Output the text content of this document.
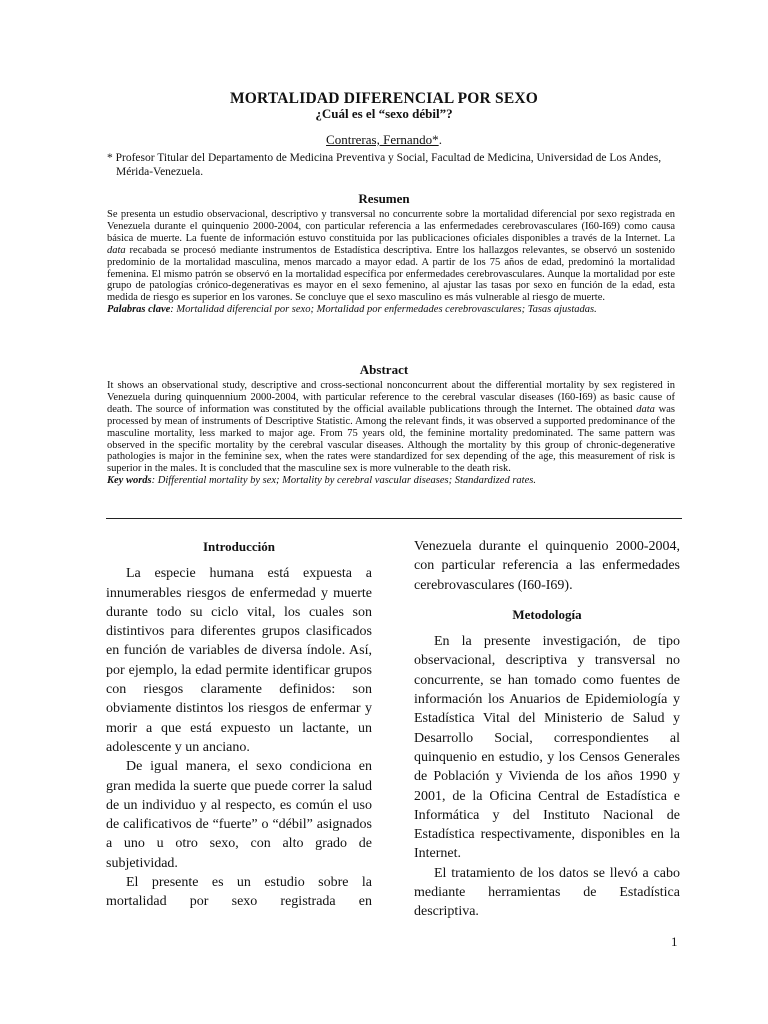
MORTALIDAD DIFERENCIAL POR SEXO
¿Cuál es el “sexo débil”?
Contreras, Fernando*.
* Profesor Titular del Departamento de Medicina Preventiva y Social, Facultad de Medicina, Universidad de Los Andes, Mérida-Venezuela.
Resumen
Se presenta un estudio observacional, descriptivo y transversal no concurrente sobre la mortalidad diferencial por sexo registrada en Venezuela durante el quinquenio 2000-2004, con particular referencia a las enfermedades cerebrovasculares (I60-I69) como causa básica de muerte. La fuente de información estuvo constituida por las publicaciones oficiales disponibles a través de la Internet. La data recabada se procesó mediante instrumentos de Estadística descriptiva. Entre los hallazgos relevantes, se observó un sostenido predominio de la mortalidad masculina, menos marcado a mayor edad. A partir de los 75 años de edad, predominó la mortalidad femenina. El mismo patrón se observó en la mortalidad específica por enfermedades cerebrovasculares. Aunque la mortalidad por este grupo de patologías crónico-degenerativas es mayor en el sexo femenino, al ajustar las tasas por sexo en función de la edad, esta medida de riesgo es superior en los varones. Se concluye que el sexo masculino es más vulnerable al riesgo de muerte.
Palabras clave: Mortalidad diferencial por sexo; Mortalidad por enfermedades cerebrovasculares; Tasas ajustadas.
Abstract
It shows an observational study, descriptive and cross-sectional nonconcurrent about the differential mortality by sex registered in Venezuela during quinquennium 2000-2004, with particular reference to the cerebral vascular diseases (I60-I69) as basic cause of death. The source of information was constituted by the official available publications through the Internet. The obtained data was processed by mean of instruments of Descriptive Statistic. Among the relevant finds, it was observed a supported predominance of the masculine mortality, less marked to major age. From 75 years old, the feminine mortality predominated. The same pattern was observed in the specific mortality by the cerebral vascular diseases. Although the mortality by this group of chronic-degenerative pathologies is major in the feminine sex, when the rates were standardized for sex depending of the age, this measurement of risk is superior in the males. It is concluded that the masculine sex is more vulnerable to the death risk.
Key words: Differential mortality by sex; Mortality by cerebral vascular diseases; Standardized rates.
Introducción

La especie humana está expuesta a innumerables riesgos de enfermedad y muerte durante todo su ciclo vital, los cuales son distintivos para diferentes grupos clasificados en función de variables de diversa índole. Así, por ejemplo, la edad permite identificar grupos con riesgos claramente definidos: son obviamente distintos los riesgos de enfermar y morir a que está expuesto un lactante, un adolescente y un anciano.

De igual manera, el sexo condiciona en gran medida la suerte que puede correr la salud de un individuo y al respecto, es común el uso de calificativos de “fuerte” o “débil” asignados a uno u otro sexo, con alto grado de subjetividad.

El presente es un estudio sobre la mortalidad por sexo registrada en

Venezuela durante el quinquenio 2000-2004, con particular referencia a las enfermedades cerebrovasculares (I60-I69).

Metodología

En la presente investigación, de tipo observacional, descriptiva y transversal no concurrente, se han tomado como fuentes de información los Anuarios de Epidemiología y Estadística Vital del Ministerio de Salud y Desarrollo Social, correspondientes al quinquenio en estudio, y los Censos Generales de Población y Vivienda de los años 1990 y 2001, de la Oficina Central de Estadística e Informática y del Instituto Nacional de Estadística respectivamente, disponibles en la Internet.

El tratamiento de los datos se llevó a cabo mediante herramientas de Estadística descriptiva.

1
